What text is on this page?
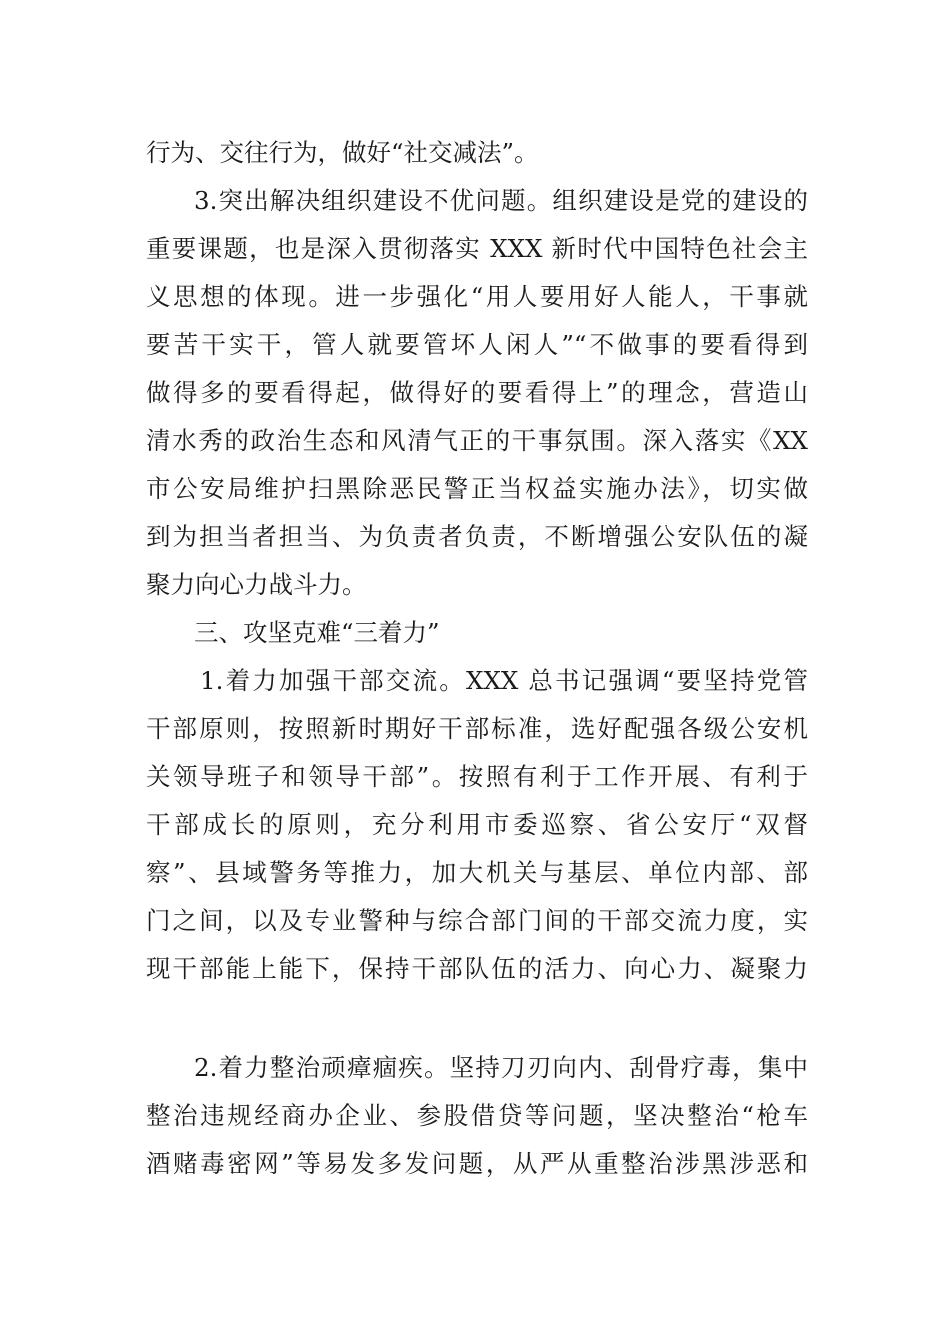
行为、交往行为，做好“社交减法”。
3.突出解决组织建设不优问题。组织建设是党的建设的
重要课题，也是深入贯彻落实 XXX 新时代中国特色社会主
义思想的体现。进一步强化“用人要用好人能人，干事就
要苦干实干，管人就要管坏人闲人”“不做事的要看得到
做得多的要看得起，做得好的要看得上”的理念，营造山
清水秀的政治生态和风清气正的干事氛围。深入落实《XX
市公安局维护扫黑除恶民警正当权益实施办法》，切实做
到为担当者担当、为负责者负责，不断增强公安队伍的凝
聚力向心力战斗力。
三、攻坚克难“三着力”
1.着力加强干部交流。XXX 总书记强调“要坚持党管
干部原则，按照新时期好干部标准，选好配强各级公安机
关领导班子和领导干部”。按照有利于工作开展、有利于
干部成长的原则，充分利用市委巡察、省公安厅“双督
察”、县域警务等推力，加大机关与基层、单位内部、部
门之间，以及专业警种与综合部门间的干部交流力度，实
现干部能上能下，保持干部队伍的活力、向心力、凝聚力
2.着力整治顽瘴痼疾。坚持刀刃向内、刮骨疗毒，集中
整治违规经商办企业、参股借贷等问题，坚决整治“枪车
酒赌毒密网”等易发多发问题，从严从重整治涉黑涉恶和
